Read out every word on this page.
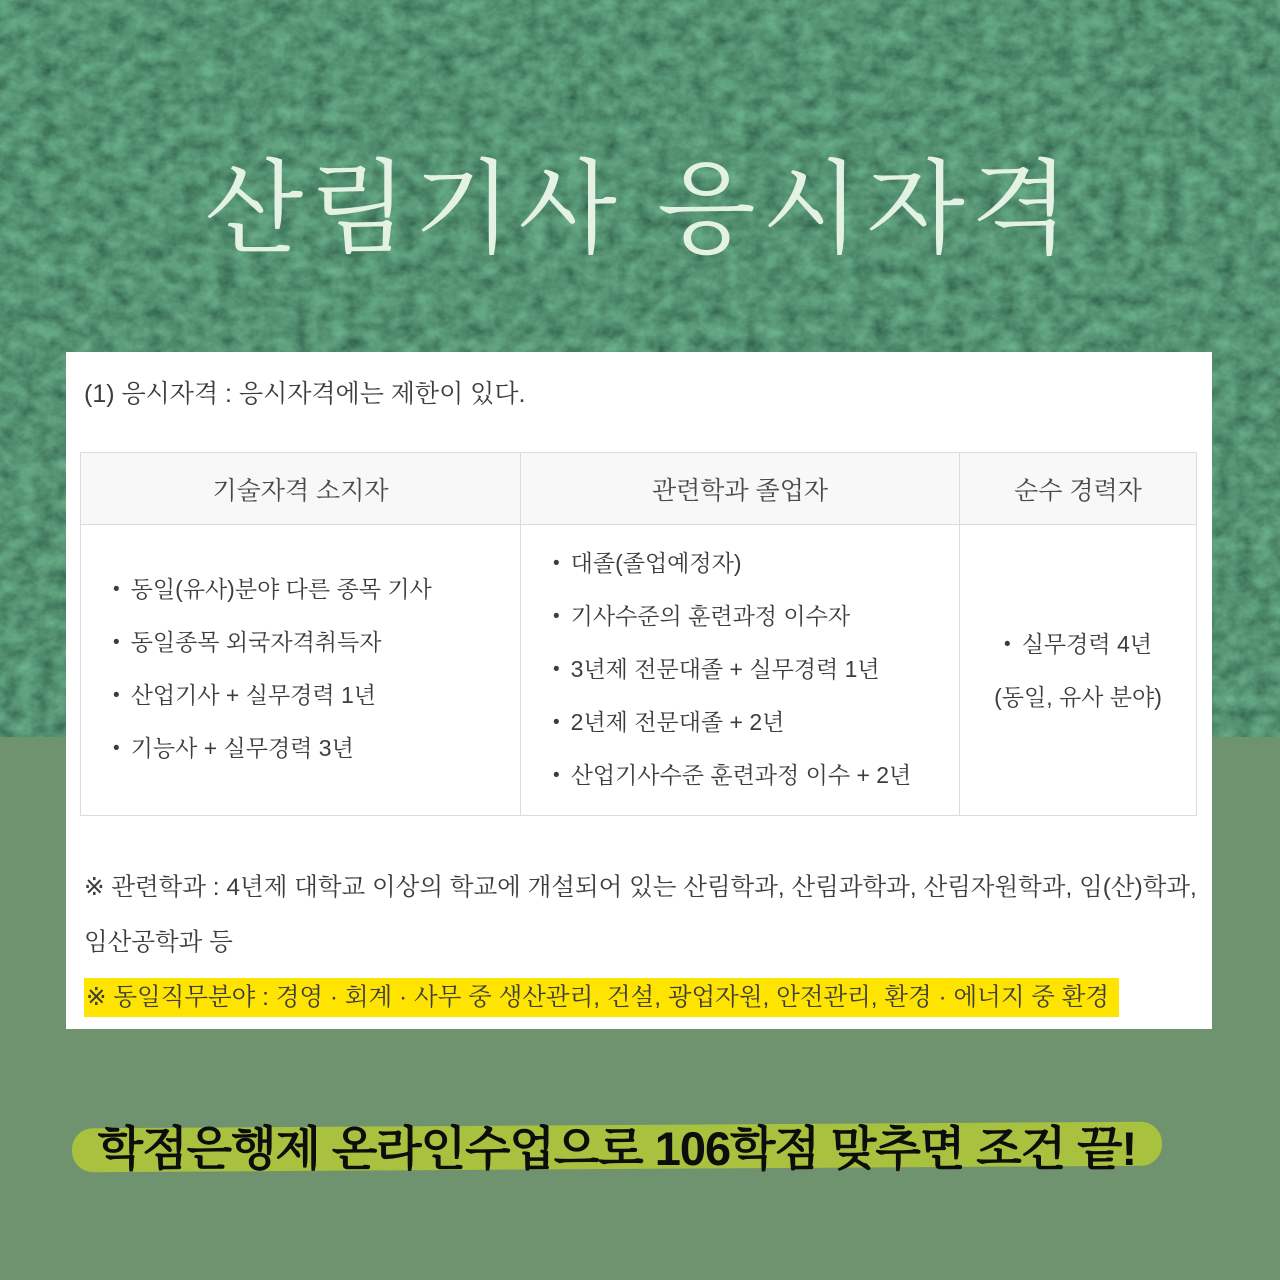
산림기사 응시자격

(1) 응시자격 : 응시자격에는 제한이 있다.

기술자격 소지자
• 동일(유사)분야 다른 종목 기사
• 동일종목 외국자격취득자
• 산업기사 + 실무경력 1년
• 기능사 + 실무경력 3년
관련학과 졸업자
• 대졸(졸업예정자)
• 기사수준의 훈련과정 이수자
• 3년제 전문대졸 + 실무경력 1년
• 2년제 전문대졸 + 2년
• 산업기사수준 훈련과정 이수 + 2년
순수 경력자
• 실무경력 4년
(동일, 유사 분야)
※ 관련학과 : 4년제 대학교 이상의 학교에 개설되어 있는 산림학과, 산림과학과, 산림자원학과, 임(산)학과, 임산공학과 등
※ 동일직무분야 : 경영 · 회계 · 사무 중 생산관리, 건설, 광업자원, 안전관리, 환경 · 에너지 중 환경
학점은행제 온라인수업으로 106학점 맞추면 조건 끝!
